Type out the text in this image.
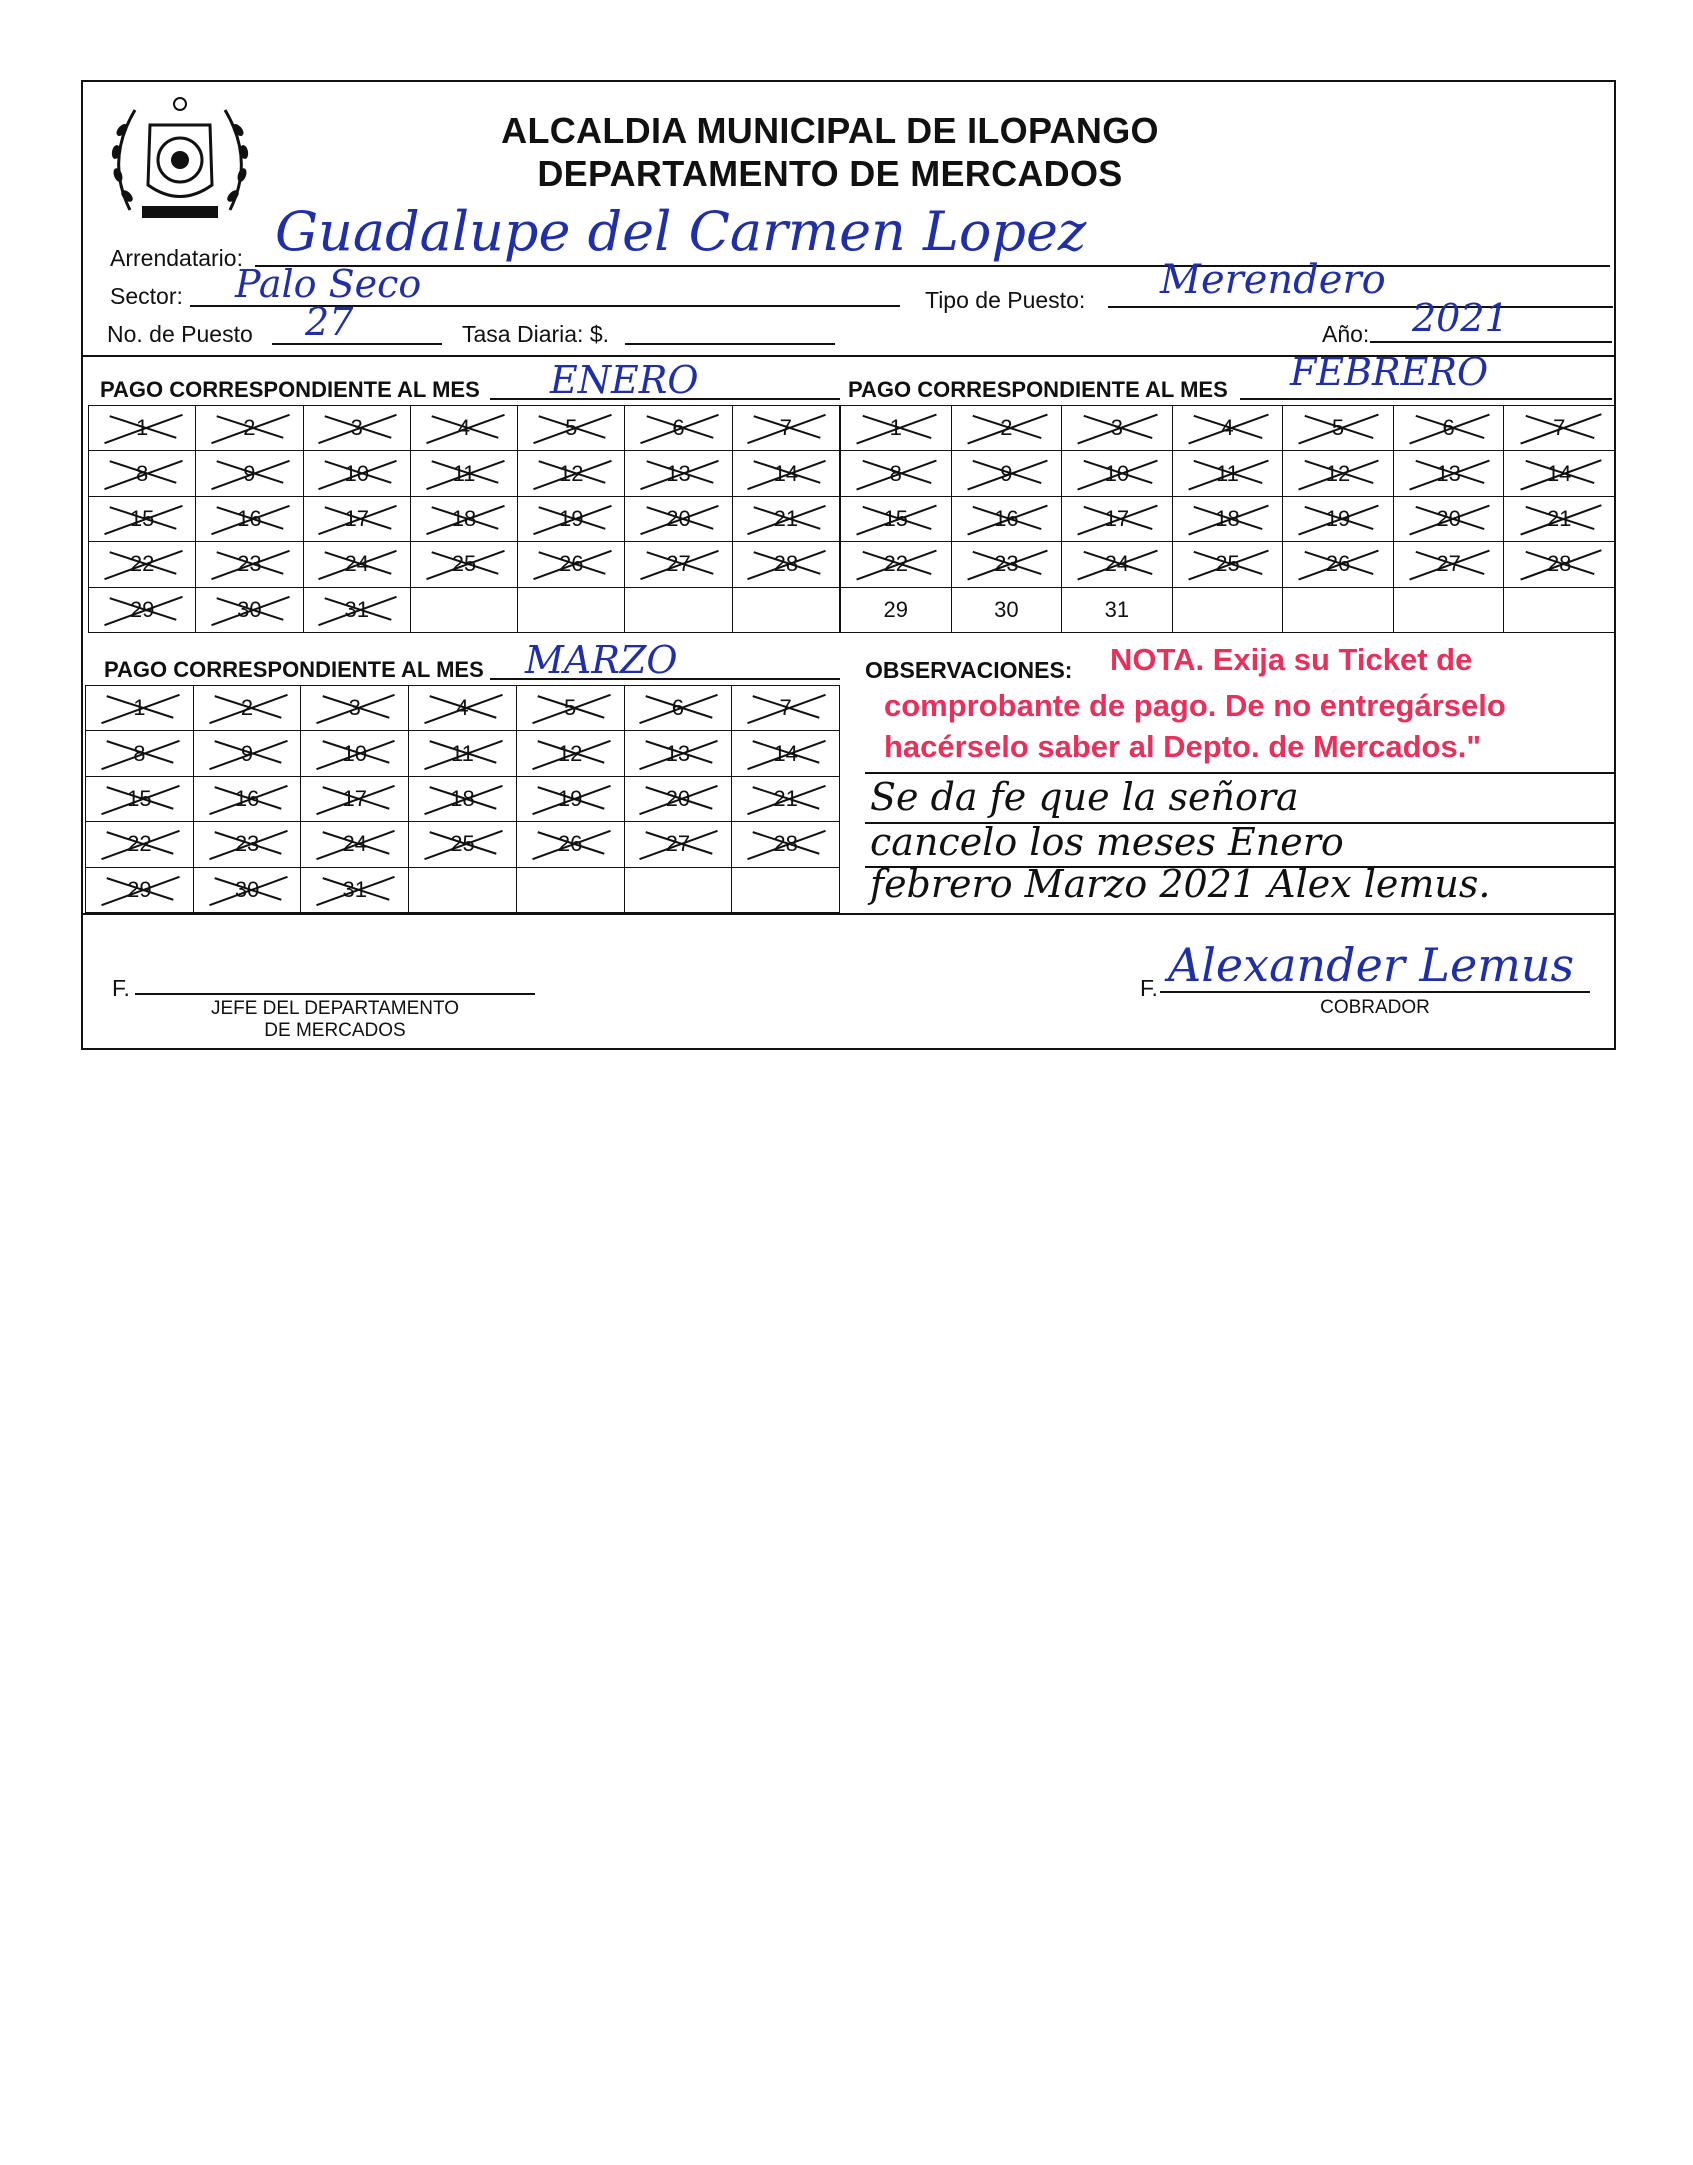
ALCALDIA MUNICIPAL DE ILOPANGO
DEPARTAMENTO DE MERCADOS
Arrendatario: Guadalupe del Carmen Lopez
Sector: Palo Seco	Tipo de Puesto: Merendero
No. de Puesto 27	Tasa Diaria: $.	Año: 2021
PAGO CORRESPONDIENTE AL MES ENERO
1	2	3	4	5	6	7
8	9	10	11	12	13	14
15	16	17	18	19	20	21
22	23	24	25	26	27	28
29	30	31				
PAGO CORRESPONDIENTE AL MES FEBRERO
1	2	3	4	5	6	7
8	9	10	11	12	13	14
15	16	17	18	19	20	21
22	23	24	25	26	27	28
29	30	31				
PAGO CORRESPONDIENTE AL MES MARZO
1	2	3	4	5	6	7
8	9	10	11	12	13	14
15	16	17	18	19	20	21
22	23	24	25	26	27	28
29	30	31				
OBSERVACIONES: NOTA. Exija su Ticket de
comprobante de pago. De no entregárselo
hacérselo saber al Depto. de Mercados."
Se da fe que la señora
cancelo los meses Enero
febrero Marzo 2021 Alex lemus.
F.
JEFE DEL DEPARTAMENTO
DE MERCADOS
F. Alexander Lemus
COBRADOR
